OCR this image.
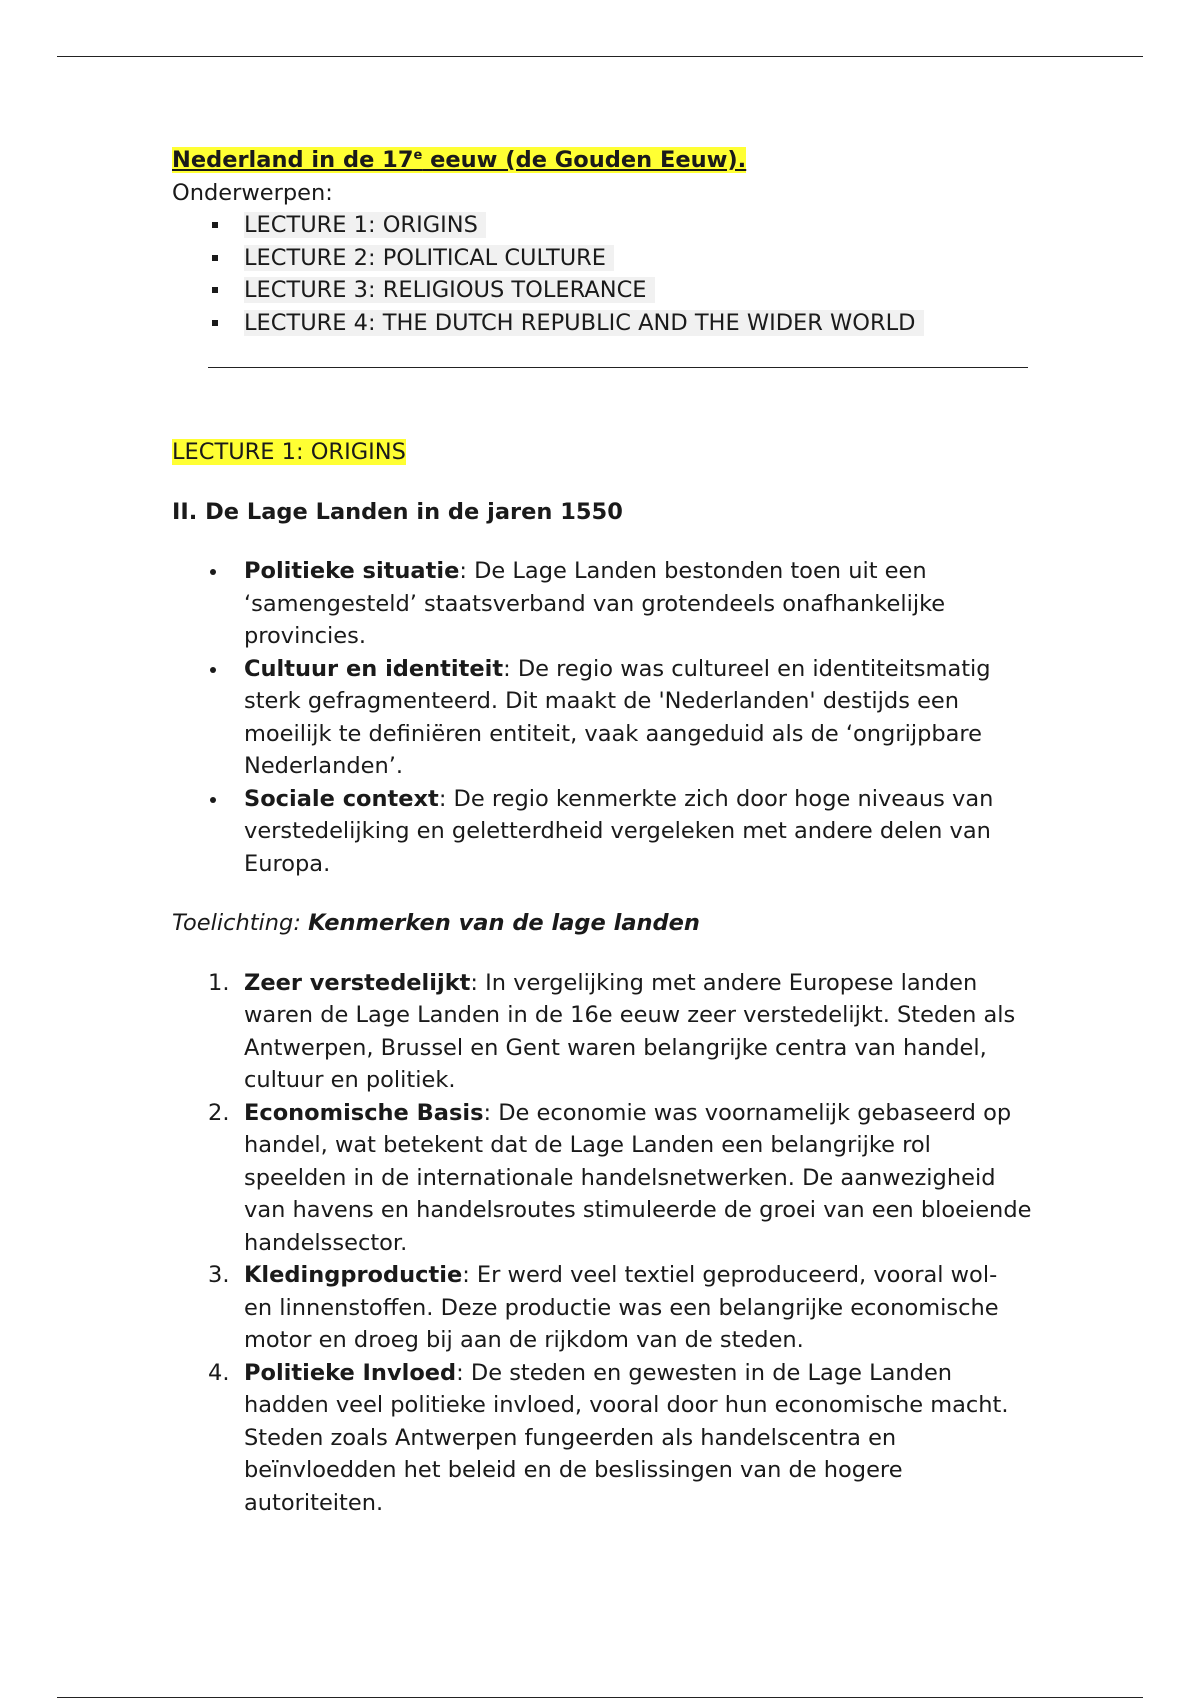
Nederland in de 17e eeuw (de Gouden Eeuw).

Onderwerpen:

LECTURE 1: ORIGINS
LECTURE 2: POLITICAL CULTURE
LECTURE 3: RELIGIOUS TOLERANCE
LECTURE 4: THE DUTCH REPUBLIC AND THE WIDER WORLD

LECTURE 1: ORIGINS

II. De Lage Landen in de jaren 1550

Politieke situatie: De Lage Landen bestonden toen uit een ‘samengesteld’ staatsverband van grotendeels onafhankelijke provincies.
Cultuur en identiteit: De regio was cultureel en identiteitsmatig sterk gefragmenteerd. Dit maakt de 'Nederlanden' destijds een moeilijk te definiëren entiteit, vaak aangeduid als de ‘ongrijpbare Nederlanden’.
Sociale context: De regio kenmerkte zich door hoge niveaus van verstedelijking en geletterdheid vergeleken met andere delen van Europa.

Toelichting: Kenmerken van de lage landen

1. Zeer verstedelijkt: In vergelijking met andere Europese landen waren de Lage Landen in de 16e eeuw zeer verstedelijkt. Steden als Antwerpen, Brussel en Gent waren belangrijke centra van handel, cultuur en politiek.
2. Economische Basis: De economie was voornamelijk gebaseerd op handel, wat betekent dat de Lage Landen een belangrijke rol speelden in de internationale handelsnetwerken. De aanwezigheid van havens en handelsroutes stimuleerde de groei van een bloeiende handelssector.
3. Kledingproductie: Er werd veel textiel geproduceerd, vooral wol- en linnenstoffen. Deze productie was een belangrijke economische motor en droeg bij aan de rijkdom van de steden.
4. Politieke Invloed: De steden en gewesten in de Lage Landen hadden veel politieke invloed, vooral door hun economische macht. Steden zoals Antwerpen fungeerden als handelscentra en beïnvloedden het beleid en de beslissingen van de hogere autoriteiten.
